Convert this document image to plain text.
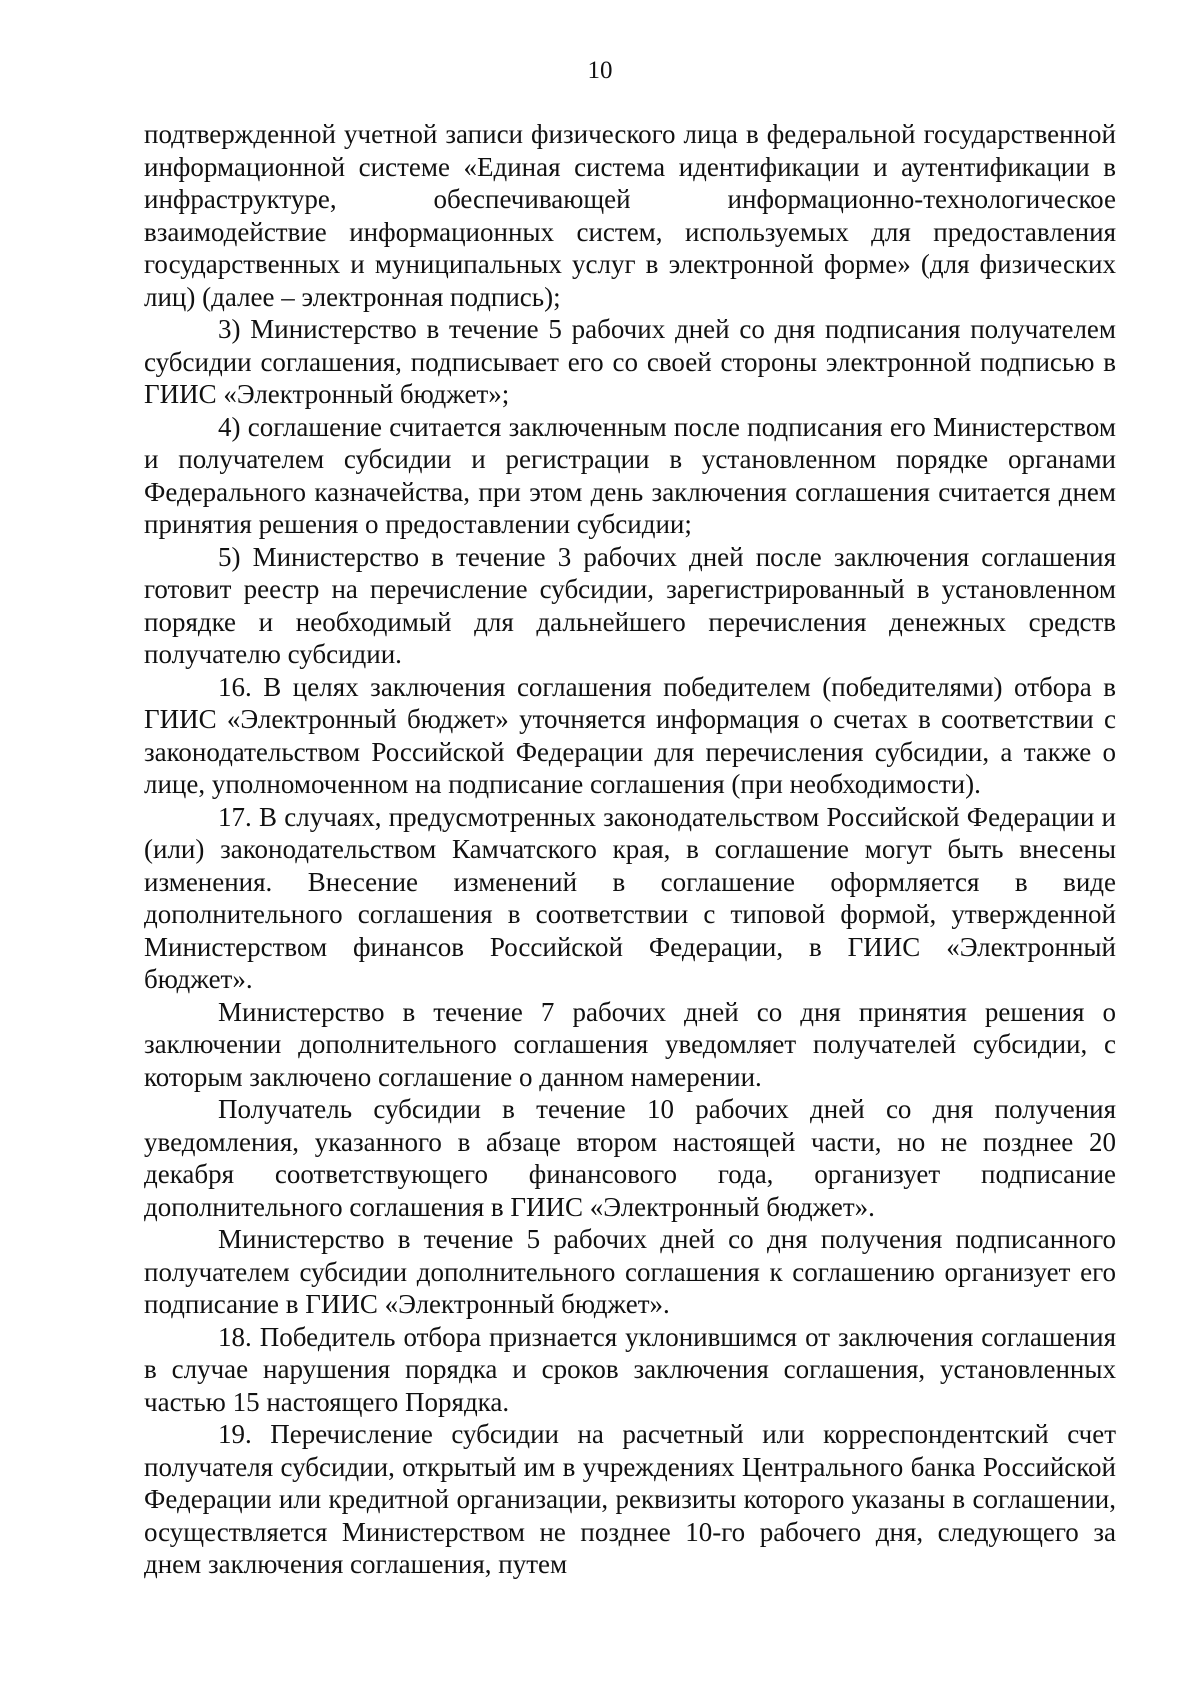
10

подтвержденной учетной записи физического лица в федеральной государственной информационной системе «Единая система идентификации и аутентификации в инфраструктуре, обеспечивающей информационно-технологическое взаимодействие информационных систем, используемых для предоставления государственных и муниципальных услуг в электронной форме» (для физических лиц) (далее – электронная подпись);

3) Министерство в течение 5 рабочих дней со дня подписания получателем субсидии соглашения, подписывает его со своей стороны электронной подписью в ГИИС «Электронный бюджет»;

4) соглашение считается заключенным после подписания его Министерством и получателем субсидии и регистрации в установленном порядке органами Федерального казначейства, при этом день заключения соглашения считается днем принятия решения о предоставлении субсидии;

5) Министерство в течение 3 рабочих дней после заключения соглашения готовит реестр на перечисление субсидии, зарегистрированный в установленном порядке и необходимый для дальнейшего перечисления денежных средств получателю субсидии.

16. В целях заключения соглашения победителем (победителями) отбора в ГИИС «Электронный бюджет» уточняется информация о счетах в соответствии с законодательством Российской Федерации для перечисления субсидии, а также о лице, уполномоченном на подписание соглашения (при необходимости).

17. В случаях, предусмотренных законодательством Российской Федерации и (или) законодательством Камчатского края, в соглашение могут быть внесены изменения. Внесение изменений в соглашение оформляется в виде дополнительного соглашения в соответствии с типовой формой, утвержденной Министерством финансов Российской Федерации, в ГИИС «Электронный бюджет».

Министерство в течение 7 рабочих дней со дня принятия решения о заключении дополнительного соглашения уведомляет получателей субсидии, с которым заключено соглашение о данном намерении.

Получатель субсидии в течение 10 рабочих дней со дня получения уведомления, указанного в абзаце втором настоящей части, но не позднее 20 декабря соответствующего финансового года, организует подписание дополнительного соглашения в ГИИС «Электронный бюджет».

Министерство в течение 5 рабочих дней со дня получения подписанного получателем субсидии дополнительного соглашения к соглашению организует его подписание в ГИИС «Электронный бюджет».

18. Победитель отбора признается уклонившимся от заключения соглашения в случае нарушения порядка и сроков заключения соглашения, установленных частью 15 настоящего Порядка.

19. Перечисление субсидии на расчетный или корреспондентский счет получателя субсидии, открытый им в учреждениях Центрального банка Российской Федерации или кредитной организации, реквизиты которого указаны в соглашении, осуществляется Министерством не позднее 10-го рабочего дня, следующего за днем заключения соглашения, путем
